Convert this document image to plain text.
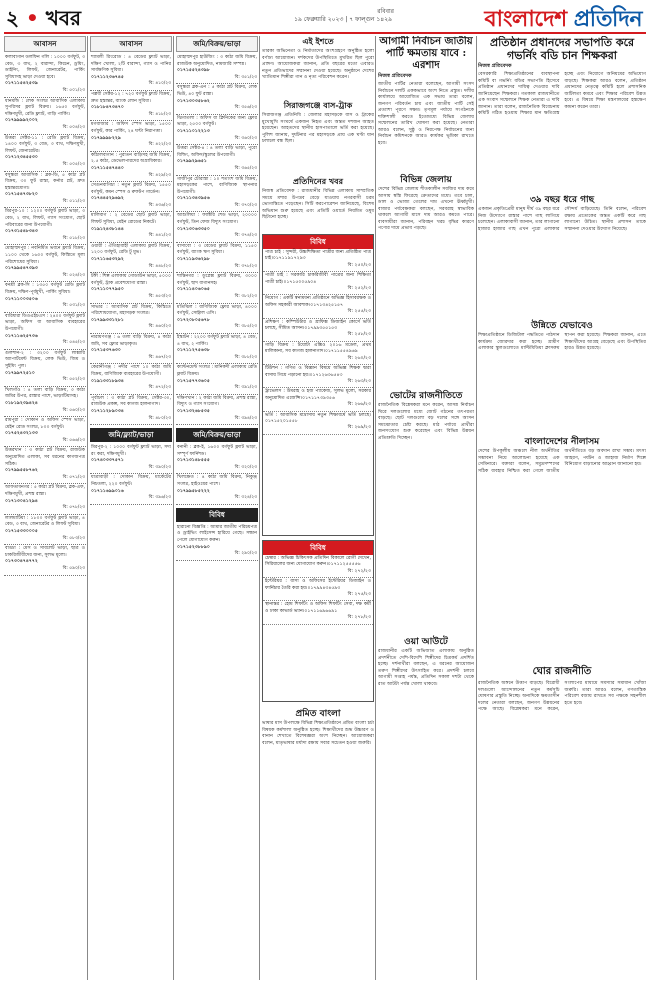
২ • খবর	রবিবার
১৯ ফেব্রুয়ারি ২০২৩ | ৭ ফাল্গুন ১৪২৯	বাংলাদেশ প্রতিদিন
আবাসন
কলাবাগান ডলফিন গলি : ১০০০ বর্গফুট, ৩ বেড, ৩ বাথ, ২ বারান্দা, কিচেন, ড্রয়িং, ডাইনিং, লিফট, জেনারেটর, পার্কিং সুবিধাসহ ভাড়া দেওয়া হবে।
০১৭১১৫৪২৫৩৯
বি: ৫০১/২৩
ধানমন্ডি : লেক সংলগ্ন আবাসিক এলাকায় সুপরিসর ফ্ল্যাট বিক্রয়। ১৬৫০ বর্গফুট, দক্ষিণমুখী, রেডি ফ্ল্যাট, গাড়ি পার্কিং।
০১৭৯৯৯৯২০০২
বি: ৫০৪/২৩
উত্তরা সেক্টর-১১ : রেডি ফ্ল্যাট বিক্রয়, ১৪০০ বর্গফুট, ৩ বেড, ৩ বাথ, দক্ষিণমুখী, লিফট, জেনারেটর।
০১৭১২৩৪৫৫৩০
বি: ৫০৫/২৩
বসুন্ধরা আবাসিক : ব্লক-ডি, ৫ কাঠা প্লট বিক্রয়, ৩০ ফুট রাস্তা, কর্নার প্লট, দ্রুত হস্তান্তরযোগ্য।
০১৭১৫৪৭৩৮২০
বি: ৫১১/২৩
মিরপুর-১০ : ১২০০ বর্গফুট ফ্ল্যাট ভাড়া, ৩ বেড, ২ বাথ, লিফট, গ্যাস সংযোগ, ছোট পরিবারের জন্য উপযোগী।
০১৭৩১৫৪৮৩৪৩
বি: ৫১৮/২৩
মোহাম্মদপুর : নবনির্মিত ভবনে ফ্ল্যাট বিক্রয়, ১১০০ থেকে ১৬০০ বর্গফুট, কিস্তিতে মূল্য পরিশোধের সুবিধা।
০১৭৯৯৫৪৭৩৯৩
বি: ৫২৪/২৩
বনশ্রী ব্লক-সি : ১৩৫০ বর্গফুট রেডি ফ্ল্যাট বিক্রয়, দক্ষিণ-পূর্বমুখী, পার্কিং সুবিধা।
০১৭১১০০৩৫০৬
বি: ৫৩১/২৩
বারিধারা ডিওএইচএস : ২৪০০ বর্গফুট ফ্ল্যাট ভাড়া, অফিস বা আবাসিক ব্যবহারের উপযোগী।
০১৭১১৬২৫৭৩৬
বি: ৫৪৫/২৩
গুলশান-২ : ৩২০০ বর্গফুট লাক্সারি অ্যাপার্টমেন্ট বিক্রয়, লেক ভিউ, জিম ও সুইমিং পুল।
০১৭৯৯৭২৫১০
বি: ৫৫২/২৩
খিলগাঁও : ৪ তলা বাড়ি বিক্রয়, ৩ কাঠা জমির উপর, রাস্তার পাশে, ভাড়াটিয়াসহ।
০১৮১৯২৩৯৪২৪
বি: ৫৬০/২৩
রামপুরা : দোকান ও অফিস স্পেস ভাড়া, মেইন রোড সংলগ্ন, ৮০০ বর্গফুট।
০১৭৫২৪৩২১৩৩
বি: ৫৬৬/২৩
উত্তরখান : ৩ কাঠা প্লট বিক্রয়, রাজউক অনুমোদিত এলাকা, সব ধরনের কাগজপত্র সঠিক।
০১৭৯৯৫৫৮৭৬২
বি: ৫৭১/২৩
আফতাবনগর : ৫ কাঠা প্লট বিক্রয়, ব্লক-এফ, দক্ষিণমুখী, প্রশস্ত রাস্তা।
০১৭১৩০৪১২৯৪
বি: ৫৭৮/২৩
লালমাটিয়া : ১৮০০ বর্গফুট ফ্ল্যাট ভাড়া, ৪ বেড, ৩ বাথ, জেনারেটর ও লিফট সুবিধা।
০১৭১৫৩৩০০০৫
বি: ৫৮৩/২৩
বাড্ডা : মেস ও সাবলেট ভাড়া, ছাত্র ও চাকরিজীবীদের জন্য, সুলভ মূল্যে।
০১৭৩০৪৭৪৭৭২
বি: ৫৯০/২৩
আবাসন
শ্যামলী রিংরোড : ৪ বেডের ফ্ল্যাট ভাড়া, দক্ষিণ খোলা, ২টি বারান্দা, গ্যাস ও পানির সার্বক্ষণিক সুবিধা।
০১৭১১২৩৬৭৪৫
বি: ৪১০/২৩
পল্লবী সেক্টর-১২ : ৭২০ বর্গফুট ফ্ল্যাট বিক্রয়, দ্রুত হস্তান্তর, ব্যাংক লোন সুবিধা।
০১৮১৮৪৭৩৪৭০
বি: ৪১৮/২৩
মগবাজার : অফিস স্পেস ভাড়া, ১৫০০ বর্গফুট, কার পার্কিং, ২৪ ঘণ্টা নিরাপত্তা।
০১৭৯৯৯৮২২৯
বি: ৪২২/২৩
কাঁঠালবাগান : পুরাতন বাড়িসহ জমি বিক্রয়, ২.৫ কাঠা, ডেভেলপারদের অগ্রাধিকার।
০১৭১১৫৪৭৪৪০
বি: ৪২৯/২৩
সেগুনবাগিচা : নতুন ফ্ল্যাট বিক্রয়, ১৫৫০ বর্গফুট, কমন স্পেস ও রুফটপ গার্ডেন।
০১৭৪৪৫২৯৬৯২
বি: ৪৩৬/২৩
মালিবাগ : ২ বেডের ছোট ফ্ল্যাট ভাড়া, লিফট সুবিধা, মেইন রোডের নিকটে।
০১৯১২৪৩৮১৪৪
বি: ৪৪১/২৩
ওয়ারী : ঐতিহ্যবাহী এলাকায় ফ্ল্যাট বিক্রয়, ১২০০ বর্গফুট, রেডি টু মুভ।
০১৭১১৬৫৩২৯২
বি: ৪৪৮/২৩
টঙ্গী : শিল্প এলাকায় গোডাউন ভাড়া, ৫০০০ বর্গফুট, ট্রাক প্রবেশযোগ্য রাস্তা।
০১৭১১০৭৭৯৫০
বি: ৪৫৩/২৩
সাভার : আবাসিক প্লট বিক্রয়, কিস্তিতে পরিশোধযোগ্য, মহাসড়ক সংলগ্ন।
০১৭৯৯৩৩১২৮১
বি: ৪৬০/২৩
নারায়ণগঞ্জ : ৬ তলা বাড়ি বিক্রয়, ৪ কাঠা জমি, সব ফ্লোর ভাড়াকৃত।
০১৭১৫৩৭৬৩০
বি: ৪৬৭/২৩
কেরানীগঞ্জ : নদীর পাশে ১০ কাঠা জমি বিক্রয়, বাণিজ্যিক ব্যবহারের উপযোগী।
০১৯১৩৩১৮৯৩৪
বি: ৪৭২/২৩
পূর্বাচল : ৩ কাঠা প্লট বিক্রয়, সেক্টর-৩০, রাজউক প্রকল্প, সব কাগজ হালনাগাদ।
০১৭১১২৮৯০৩৪
বি: ৪৮০/২৩
জমি/ফ্ল্যাট/ভাড়া
মিরপুর-২ : ১০০০ বর্গফুট ফ্ল্যাট ভাড়া, সদ্য রং করা, দক্ষিণমুখী।
০১৭৪০৩৩৭৫৭১
বি: ৩৯০/২৩
যাত্রাবাড়ী : দোকান বিক্রয়, মার্কেটের নিচতলা, ২২০ বর্গফুট।
০১৭১১৬৯৯০১৬
বি: ৩৯৬/২৩
জমি/বিক্রয়/ভাড়া
মোহাম্মদপুর হাউজিং : ৩ কাঠা জমি বিক্রয়, রাজউক অনুমোদিত, নামজারি সম্পন্ন।
০১৭১৫৫২৪৩৯৮
বি: ৩৫১/২৩
বসুন্ধরা ব্লক-এন : ৫ কাঠা প্লট বিক্রয়, লেক ভিউ, ৪০ ফুট রাস্তা।
০১৭১৩০৩৫৮৬২
বি: ৩৫৬/২৩
ঝিগাতলা : অফিস বা ক্লিনিকের জন্য ফ্লোর ভাড়া, ২৫০০ বর্গফুট।
০১৭১১০১২২১৩
বি: ৩৬০/২৩
উত্তরা সেক্টর-৪ : ৪ তলা বাড়ি ভাড়া, পুরো বিল্ডিং, অফিস/স্কুলের উপযোগী।
০১৭৯৯২৯৬৫১
বি: ৩৬৫/২৩
গাজীপুর চৌরাস্তা : ১০ শতাংশ জমি বিক্রয়, মহাসড়কের পাশে, বাণিজ্যিক স্থাপনার উপযোগী।
০১৭১১৩৪৩৯৫৬
বি: ৩৭০/২৩
আশুলিয়া : ফ্যাক্টরি শেড ভাড়া, ২০০০০ বর্গফুট, তিন ফেজ বিদ্যুৎ সংযোগ।
০১৭১৩০৬৩৩৫০
বি: ৩৭৪/২৩
বাসাবো : ৩ বেডের ফ্ল্যাট বিক্রয়, ১১৫০ বর্গফুট, ব্যাংক ঋণ সুবিধা।
০১৭১১৯৩৬২৯৮
বি: ৩৭৮/২৩
শান্তিনগর : ডুপ্লেক্স ফ্ল্যাট বিক্রয়, ৩০০০ বর্গফুট, ছাদ বাগানসহ।
০১৭১১৪০৬০৬৫
বি: ৩৮২/২৩
মতিঝিল : বাণিজ্যিক ফ্লোর ভাড়া, ৪০০০ বর্গফুট, সেন্ট্রাল এসি।
০১৭২০৮০৫৬৭৮
বি: ৩৮৫/২৩
ইস্কাটন : ২২০০ বর্গফুট ফ্ল্যাট ভাড়া, ৪ বেড, ৪ বাথ, ২ পার্কিং।
০১৭১১২৭৫৬৩৮
বি: ৩৮৮/২৩
ক্যান্টনমেন্ট সংলগ্ন : মানিকদী এলাকায় রেডি ফ্ল্যাট বিক্রয়।
০১৭১৫৭৭৩৬০৫
বি: ৩৯১/২৩
দক্ষিণখান : ২ কাঠা জমি বিক্রয়, প্রশস্ত রাস্তা, বিদ্যুৎ ও গ্যাস সংযোগ।
০১৭১৩২৬৮৫৩৫
বি: ৩৯৪/২৩
জমি/বিক্রয়/ভাড়া
বনানী : ব্লক-ই, ১৬০০ বর্গফুট ফ্ল্যাট ভাড়া, সম্পূর্ণ ফার্নিশড।
০১৭১৩১৪৮৫৫৫
বি: ৩২০/২৩
খিলক্ষেত : ৪ কাঠা জমি বিক্রয়, নিকুঞ্জ সংলগ্ন, হাইওয়ের পাশে।
০১৭৯৯৫৮৫২২২
বি: ৩২৪/২৩
বিবিধ
হারানো বিজ্ঞপ্তি : আমার জাতীয় পরিচয়পত্র ও ড্রাইভিং লাইসেন্স হারিয়ে গেছে। সন্ধান পেলে যোগাযোগ করুন।
০১৭১৫২৩৮৮৯০
বি: ২৯০/২৩
এই ইশতে
তারকা অভিনেতা ও নির্মাতাদের অংশগ্রহণে অনুষ্ঠিত হলো বর্ণাঢ্য আয়োজন। দর্শকদের উপস্থিতিতে মুখরিত ছিল পুরো প্রাঙ্গণ। আয়োজকরা জানান, প্রতি বছরের মতো এবারও নতুন প্রতিভাদের সম্মাননা দেওয়া হয়েছে। অনুষ্ঠানে দেশের খ্যাতিমান শিল্পীরা গান ও নৃত্য পরিবেশন করেন।
সিরাজগঞ্জে বাস-ট্রাক
সিরাজগঞ্জ প্রতিনিধি : জেলার মহাসড়কে বাস ও ট্রাকের মুখোমুখি সংঘর্ষে একজন নিহত এবং অন্তত দশজন আহত হয়েছেন। আহতদের স্থানীয় হাসপাতালে ভর্তি করা হয়েছে। পুলিশ জানায়, দুর্ঘটনার পর মহাসড়কে প্রায় এক ঘণ্টা যান চলাচল বন্ধ ছিল।
প্রতিদিনের খবর
নিজস্ব প্রতিবেদক : রাজধানীর বিভিন্ন এলাকায় সাম্প্রতিক সময়ে মশার উপদ্রব বেড়ে যাওয়ায় নগরবাসী চরম ভোগান্তিতে পড়েছেন। সিটি করপোরেশন জানিয়েছে, বিশেষ অভিযান শুরু হয়েছে এবং প্রতিটি ওয়ার্ডে নিয়মিত ওষুধ ছিটানো হচ্ছে।
বিবিধ
পাত্র চাই : সুন্দরী, উচ্চশিক্ষিতা পাত্রীর জন্য প্রতিষ্ঠিত পাত্র চাই।০১৭১১৯১৭২৯৩
বি: ২৫০/২৩
পাত্রী চাই : সরকারি চাকরিজীবী পাত্রের জন্য শিক্ষিতা পাত্রী চাই।০১৭১৫০০৫৯০৪
বি: ২৫২/২৩
নিয়োগ : একটি স্বনামধন্য প্রতিষ্ঠানে অভিজ্ঞ হিসাবরক্ষক ও অফিস সহকারী আবশ্যক।০১৭১৩৪২৫১৫৭
বি: ২৫৫/২৩
প্রশিক্ষণ : কম্পিউটার ও গ্রাফিক্স ডিজাইন কোর্সে ভর্তি চলছে, সীমিত আসন।০১৭৯৯৩৫৫১৫৩
বি: ২৫৮/২৩
গাড়ি বিক্রয় : টয়োটা এক্সিও ২০১৬ মডেল, প্রথম মালিকানা, সব কাগজ হালনাগাদ।০১৭১১৫৫৪৯৬৯
বি: ২৬০/২৩
টিউশন : গণিত ও বিজ্ঞান বিষয়ে অভিজ্ঞ শিক্ষক দ্বারা বাসায় গিয়ে পড়ানো হয়।০১৭১২৬৩৬৫৪৩
বি: ২৬৩/২৩
ট্রাভেলস : উমরাহ ও হজ প্যাকেজ, সুলভ মূল্যে, সরকার অনুমোদিত এজেন্সি।০১৭১১৭৩৯৩৫৬
বি: ২৬৬/২৩
ভর্তি : আবাসিক মাদ্রাসায় নতুন শিক্ষাবর্ষে ভর্তি চলছে।০১৭১৫২০১৫৫৮
বি: ২৬৯/২৩
বিবিধ
চেম্বার : অভিজ্ঞ চিকিৎসক প্রতিদিন বিকালে রোগী দেখেন, সিরিয়ালের জন্য যোগাযোগ করুন।০১৭১১২৫৫৫৫৬
বি: ২৭২/২৩
ইন্টেরিয়র : বাসা ও অফিসের ইন্টেরিয়র ডিজাইন ও ফার্নিচার তৈরি করা হয়।০১৭৯৯৪৩৪৫৯৩
বি: ২৭৫/২৩
স্থানান্তর : হোম শিফটিং ও অফিস শিফটিং সেবা, দক্ষ কর্মী ও ঢাকা কাভার্ড ভ্যান।০১৭১১৬৯৬৬৯১
বি: ২৭৮/২৩
প্রমিত বাংলা
ভাষার মাস উপলক্ষে বিভিন্ন শিক্ষাপ্রতিষ্ঠানে প্রমিত বাংলা চর্চা বিষয়ক কর্মশালা অনুষ্ঠিত হচ্ছে। শিক্ষার্থীদের শুদ্ধ উচ্চারণ ও বানান শেখাতে বিশেষজ্ঞরা অংশ নিচ্ছেন। আয়োজকরা বলেন, মাতৃভাষার মর্যাদা রক্ষায় সবার সচেতন হওয়া জরুরি।
আগামী নির্বাচন জাতীয় পার্টি ক্ষমতায় যাবে : এরশাদ
নিজস্ব প্রতিবেদক
জাতীয় পার্টির নেতারা বলেছেন, আগামী সংসদ নির্বাচনে দলটি এককভাবে অংশ নিতে প্রস্তুত। দলীয় কার্যালয়ে আয়োজিত এক সভায় তারা বলেন, জনগণ পরিবর্তন চায় এবং জাতীয় পার্টি সেই প্রত্যাশা পূরণে সক্ষম। তৃণমূল পর্যায়ে সংগঠনকে শক্তিশালী করতে ইতোমধ্যে বিভিন্ন জেলায় সম্মেলনের তারিখ ঘোষণা করা হয়েছে। নেতারা আরও বলেন, সুষ্ঠু ও নিরপেক্ষ নির্বাচনের জন্য নির্বাচন কমিশনকে আরও কার্যকর ভূমিকা রাখতে হবে।
বিভিন্ন জেলায়
দেশের বিভিন্ন জেলায় শীতকালীন সবজির দাম কমে আসায় স্বস্তি ফিরেছে ক্রেতাদের মধ্যে। তবে চাল, ডাল ও ভোজ্য তেলের দাম এখনো ঊর্ধ্বমুখী। বাজার পর্যবেক্ষকরা বলছেন, সরবরাহ স্বাভাবিক থাকলে আগামী মাসে দাম আরও কমতে পারে। ব্যবসায়ীরা জানান, পরিবহন খরচ বৃদ্ধির কারণে পণ্যের দামে প্রভাব পড়ছে।
ভোটের রাজনীতিতে
রাজনৈতিক বিশ্লেষকরা মনে করেন, আসন্ন নির্বাচন ঘিরে দলগুলোর মধ্যে জোট গঠনের তৎপরতা বাড়ছে। ছোট দলগুলো বড় দলের সঙ্গে আসন সমঝোতার চেষ্টা করছে। মাঠ পর্যায়ে প্রার্থীরা জনসংযোগ শুরু করেছেন এবং বিভিন্ন উন্নয়ন প্রতিশ্রুতি দিচ্ছেন।
ওয়া আউটে
রাজধানীর একটি অভিজাত এলাকায় অনুষ্ঠিত প্রদর্শনীতে দেশি-বিদেশি শিল্পীদের চিত্রকর্ম প্রদর্শিত হচ্ছে। দর্শনার্থীরা বলছেন, এ ধরনের আয়োজন তরুণ শিল্পীদের উৎসাহিত করে। প্রদর্শনী চলবে আগামী সপ্তাহ পর্যন্ত, প্রতিদিন সকাল দশটা থেকে রাত আটটা পর্যন্ত খোলা থাকবে।
প্রতিষ্ঠান প্রধানদের সভাপতি করে গভর্নিং বডি চান শিক্ষকরা
নিজস্ব প্রতিবেদক
বেসরকারি শিক্ষাপ্রতিষ্ঠানের ব্যবস্থাপনা কমিটি বা গভর্নিং বডির সভাপতি হিসেবে প্রতিষ্ঠান প্রধানদের দায়িত্ব দেওয়ার দাবি জানিয়েছেন শিক্ষকরা। গতকাল রাজধানীতে এক সংবাদ সম্মেলনে শিক্ষক নেতারা এ দাবি জানান। তারা বলেন, রাজনৈতিক বিবেচনায় কমিটি গঠিত হওয়ায় শিক্ষার মান ক্ষতিগ্রস্ত হচ্ছে এবং নিয়োগে অনিয়মের অভিযোগ বাড়ছে। শিক্ষকরা আরও বলেন, প্রতিষ্ঠান প্রধানদের নেতৃত্বে কমিটি হলে প্রশাসনিক জটিলতা কমবে এবং শিক্ষার পরিবেশ উন্নত হবে। এ বিষয়ে শিক্ষা মন্ত্রণালয়ের হস্তক্ষেপ কামনা করেন তারা।
৩৯ বছর ধরে গাছ
একজন প্রকৃতিপ্রেমী মানুষ দীর্ঘ ৩৯ বছর ধরে নিজ উদ্যোগে রাস্তার পাশে গাছ লাগিয়ে চলেছেন। এলাকাবাসী জানান, তার লাগানো হাজার হাজার গাছ এখন পুরো এলাকার সৌন্দর্য বাড়িয়েছে। তিনি বলেন, পরিবেশ রক্ষায় প্রত্যেকের অন্তত একটি করে গাছ লাগানো উচিত। স্থানীয় প্রশাসন তাকে সম্মাননা দেওয়ার উদ্যোগ নিয়েছে।
উন্নিতে যেভাবেও
শিক্ষাপ্রতিষ্ঠানে ডিজিটাল পদ্ধতিতে পাঠদান কার্যক্রম জোরদার করা হচ্ছে। গ্রামীণ এলাকার স্কুলগুলোতে মাল্টিমিডিয়া ক্লাসরুম স্থাপন করা হয়েছে। শিক্ষকরা জানান, এতে শিক্ষার্থীদের আগ্রহ বেড়েছে এবং উপস্থিতির হারও উন্নত হয়েছে।
বাংলাদেশের নীলাসম
দেশের উপকূলীয় অঞ্চলে নীল অর্থনীতির সম্ভাবনা নিয়ে আলোচনা হয়েছে এক সেমিনারে। বক্তারা বলেন, সমুদ্রসম্পদের সঠিক ব্যবহার নিশ্চিত করা গেলে জাতীয় অর্থনীতিতে বড় অবদান রাখা সম্ভব। মৎস্য আহরণ, পর্যটন ও জাহাজ নির্মাণ শিল্পে বিনিয়োগ বাড়ানোর আহ্বান জানানো হয়।
ঘোর রাজনীতি
রাজনৈতিক অঙ্গনে উত্তাপ বাড়ছে। বিরোধী দলগুলো আন্দোলনের নতুন কর্মসূচি ঘোষণার প্রস্তুতি নিচ্ছে। অন্যদিকে ক্ষমতাসীন দলের নেতারা বলছেন, জনগণ উন্নয়নের পক্ষে আছে। বিশ্লেষকরা মনে করেন, সংলাপের মাধ্যমে সমস্যার সমাধান খোঁজা জরুরি। তারা আরও বলেন, গণতান্ত্রিক পরিবেশ বজায় রাখতে সব পক্ষকে সহনশীল হতে হবে।
